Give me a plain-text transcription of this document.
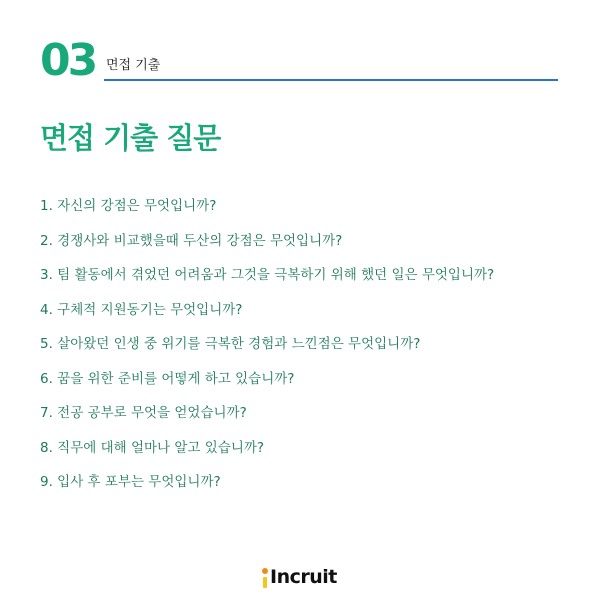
03 면접 기출
면접 기출 질문
1. 자신의 강점은 무엇입니까?
2. 경쟁사와 비교했을때 두산의 강점은 무엇입니까?
3. 팀 활동에서 겪었던 어려움과 그것을 극복하기 위해 했던 일은 무엇입니까?
4. 구체적 지원동기는 무엇입니까?
5. 살아왔던 인생 중 위기를 극복한 경험과 느낀점은 무엇입니까?
6. 꿈을 위한 준비를 어떻게 하고 있습니까?
7. 전공 공부로 무엇을 얻었습니까?
8. 직무에 대해 얼마나 알고 있습니까?
9. 입사 후 포부는 무엇입니까?
Incruit
